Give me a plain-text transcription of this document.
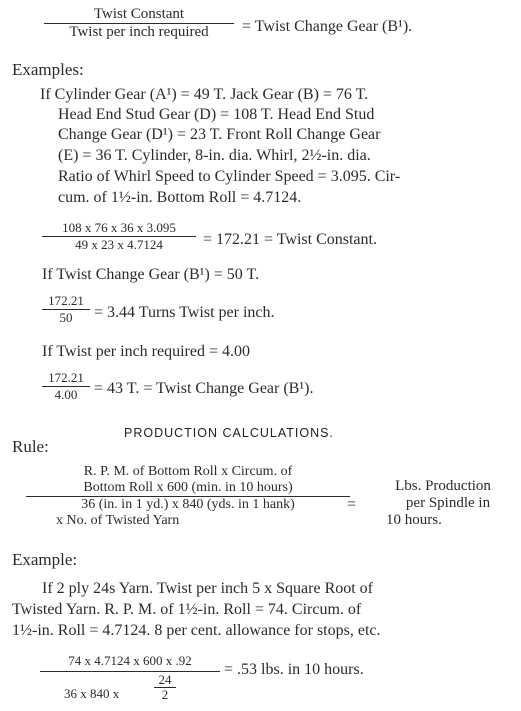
Twist Constant
Twist per inch required	= Twist Change Gear (B¹).
Examples:
If Cylinder Gear (A¹) = 49 T. Jack Gear (B) = 76 T.
Head End Stud Gear (D) = 108 T. Head End Stud
Change Gear (D¹) = 23 T. Front Roll Change Gear
(E) = 36 T. Cylinder, 8-in. dia. Whirl, 2½-in. dia.
Ratio of Whirl Speed to Cylinder Speed = 3.095. Cir-
cum. of 1½-in. Bottom Roll = 4.7124.
108 x 76 x 36 x 3.095
49 x 23 x 4.7124	= 172.21 = Twist Constant.
If Twist Change Gear (B¹) = 50 T.
172.21
50	= 3.44 Turns Twist per inch.
If Twist per inch required = 4.00
172.21
4.00	= 43 T. = Twist Change Gear (B¹).
PRODUCTION CALCULATIONS.
Rule:
R. P. M. of Bottom Roll x Circum. of
Bottom Roll x 600 (min. in 10 hours)
36 (in. in 1 yd.) x 840 (yds. in 1 hank)
x No. of Twisted Yarn
=
Lbs. Production
per Spindle in
10 hours.
Example:
If 2 ply 24s Yarn. Twist per inch 5 x Square Root of
Twisted Yarn. R. P. M. of 1½-in. Roll = 74. Circum. of
1½-in. Roll = 4.7124. 8 per cent. allowance for stops, etc.
74 x 4.7124 x 600 x .92
36 x 840 x
24
2
= .53 lbs. in 10 hours.
